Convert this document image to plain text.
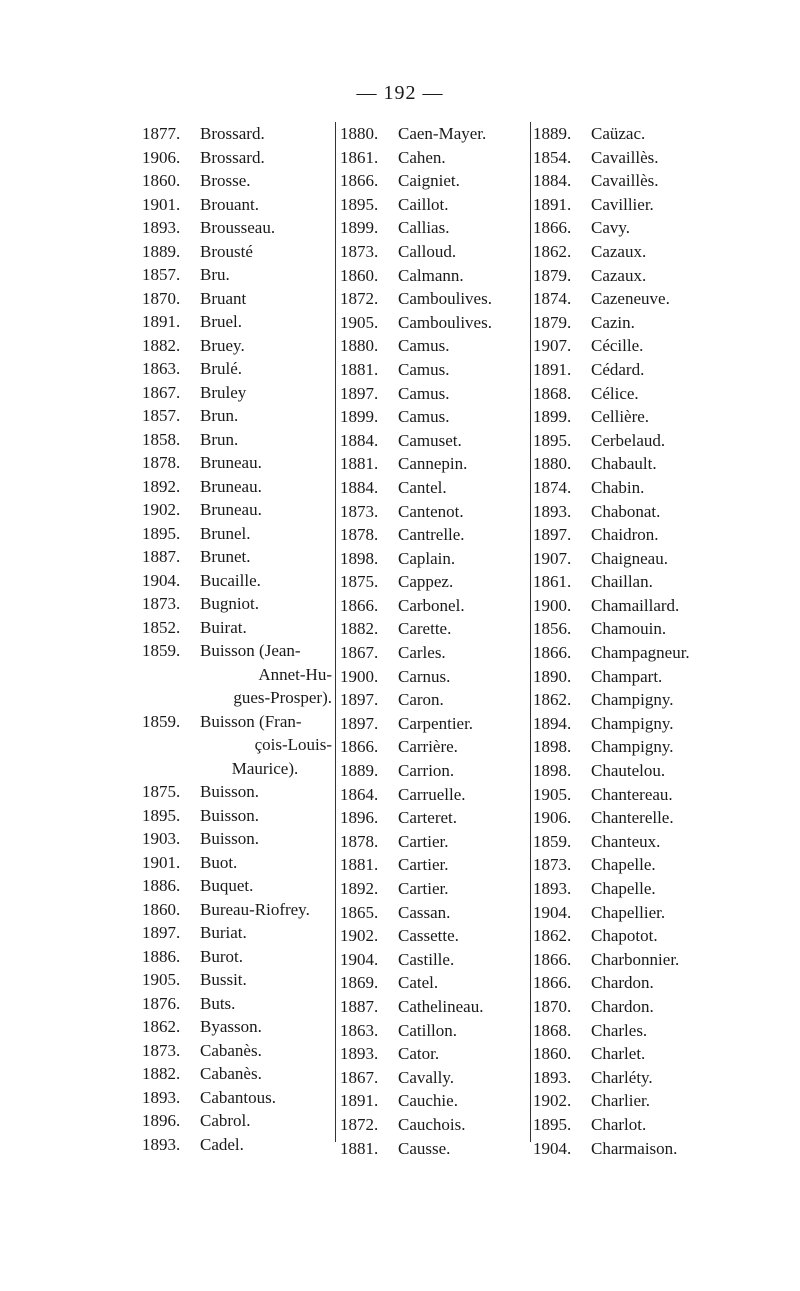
— 192 —
1877.	Brossard.
1906.	Brossard.
1860.	Brosse.
1901.	Brouant.
1893.	Brousseau.
1889.	Brousté
1857.	Bru.
1870.	Bruant
1891.	Bruel.
1882.	Bruey.
1863.	Brulé.
1867.	Bruley
1857.	Brun.
1858.	Brun.
1878.	Bruneau.
1892.	Bruneau.
1902.	Bruneau.
1895.	Brunel.
1887.	Brunet.
1904.	Bucaille.
1873.	Bugniot.
1852.	Buirat.
1859.	Buisson (Jean-
Annet-Hu-
gues-Prosper).
1859.	Buisson (Fran-
çois-Louis-
Maurice).
1875.	Buisson.
1895.	Buisson.
1903.	Buisson.
1901.	Buot.
1886.	Buquet.
1860.	Bureau-Riofrey.
1897.	Buriat.
1886.	Burot.
1905.	Bussit.
1876.	Buts.
1862.	Byasson.
1873.	Cabanès.
1882.	Cabanès.
1893.	Cabantous.
1896.	Cabrol.
1893.	Cadel.
1880.	Caen-Mayer.
1861.	Cahen.
1866.	Caigniet.
1895.	Caillot.
1899.	Callias.
1873.	Calloud.
1860.	Calmann.
1872.	Camboulives.
1905.	Camboulives.
1880.	Camus.
1881.	Camus.
1897.	Camus.
1899.	Camus.
1884.	Camuset.
1881.	Cannepin.
1884.	Cantel.
1873.	Cantenot.
1878.	Cantrelle.
1898.	Caplain.
1875.	Cappez.
1866.	Carbonel.
1882.	Carette.
1867.	Carles.
1900.	Carnus.
1897.	Caron.
1897.	Carpentier.
1866.	Carrière.
1889.	Carrion.
1864.	Carruelle.
1896.	Carteret.
1878.	Cartier.
1881.	Cartier.
1892.	Cartier.
1865.	Cassan.
1902.	Cassette.
1904.	Castille.
1869.	Catel.
1887.	Cathelineau.
1863.	Catillon.
1893.	Cator.
1867.	Cavally.
1891.	Cauchie.
1872.	Cauchois.
1881.	Causse.
1889.	Caüzac.
1854.	Cavaillès.
1884.	Cavaillès.
1891.	Cavillier.
1866.	Cavy.
1862.	Cazaux.
1879.	Cazaux.
1874.	Cazeneuve.
1879.	Cazin.
1907.	Cécille.
1891.	Cédard.
1868.	Célice.
1899.	Cellière.
1895.	Cerbelaud.
1880.	Chabault.
1874.	Chabin.
1893.	Chabonat.
1897.	Chaidron.
1907.	Chaigneau.
1861.	Chaillan.
1900.	Chamaillard.
1856.	Chamouin.
1866.	Champagneur.
1890.	Champart.
1862.	Champigny.
1894.	Champigny.
1898.	Champigny.
1898.	Chautelou.
1905.	Chantereau.
1906.	Chanterelle.
1859.	Chanteux.
1873.	Chapelle.
1893.	Chapelle.
1904.	Chapellier.
1862.	Chapotot.
1866.	Charbonnier.
1866.	Chardon.
1870.	Chardon.
1868.	Charles.
1860.	Charlet.
1893.	Charléty.
1902.	Charlier.
1895.	Charlot.
1904.	Charmaison.
